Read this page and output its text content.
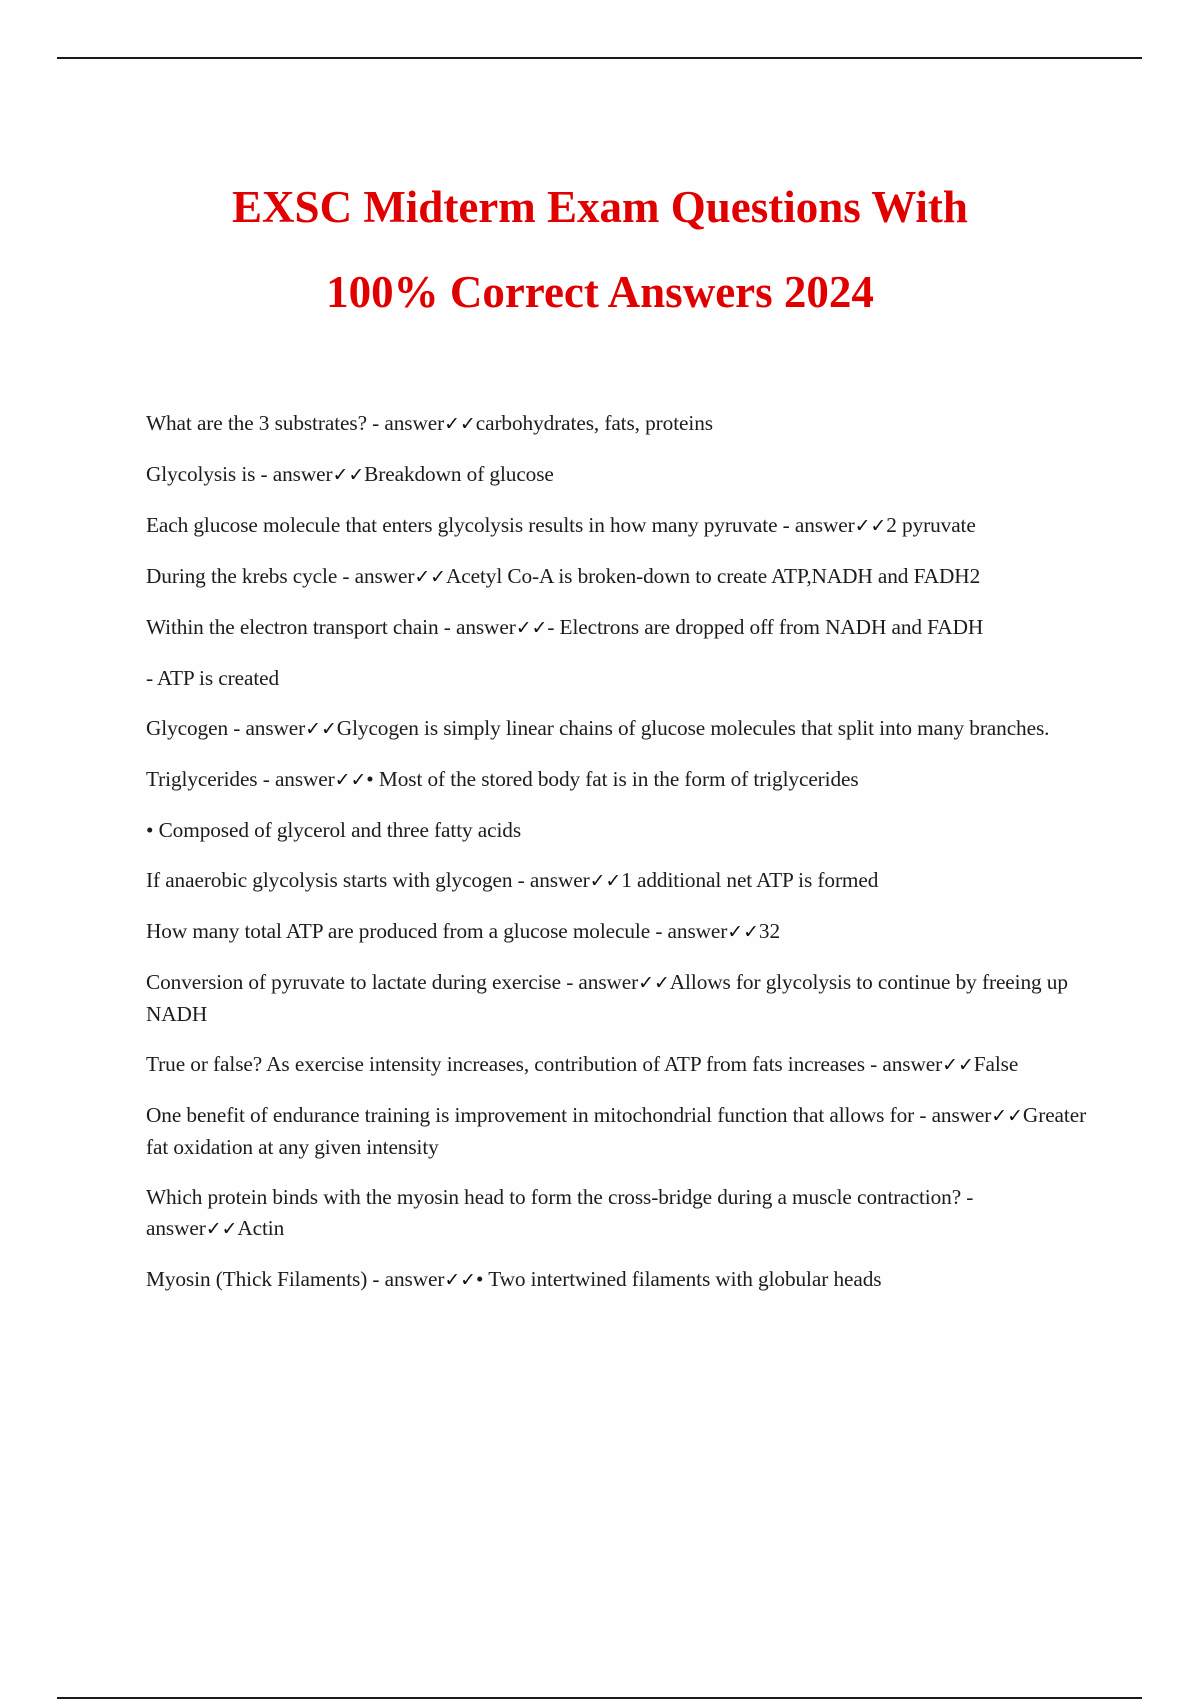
EXSC Midterm Exam Questions With
100% Correct Answers 2024

What are the 3 substrates? - answer✓✓carbohydrates, fats, proteins

Glycolysis is - answer✓✓Breakdown of glucose

Each glucose molecule that enters glycolysis results in how many pyruvate - answer✓✓2 pyruvate

During the krebs cycle - answer✓✓Acetyl Co-A is broken-down to create ATP,NADH and FADH2

Within the electron transport chain - answer✓✓- Electrons are dropped off from NADH and FADH

- ATP is created

Glycogen - answer✓✓Glycogen is simply linear chains of glucose molecules that split into many branches.

Triglycerides - answer✓✓• Most of the stored body fat is in the form of triglycerides

• Composed of glycerol and three fatty acids

If anaerobic glycolysis starts with glycogen - answer✓✓1 additional net ATP is formed

How many total ATP are produced from a glucose molecule - answer✓✓32

Conversion of pyruvate to lactate during exercise - answer✓✓Allows for glycolysis to continue by freeing up NADH

True or false? As exercise intensity increases, contribution of ATP from fats increases - answer✓✓False

One benefit of endurance training is improvement in mitochondrial function that allows for - answer✓✓Greater fat oxidation at any given intensity

Which protein binds with the myosin head to form the cross-bridge during a muscle contraction? - answer✓✓Actin

Myosin (Thick Filaments) - answer✓✓• Two intertwined filaments with globular heads
